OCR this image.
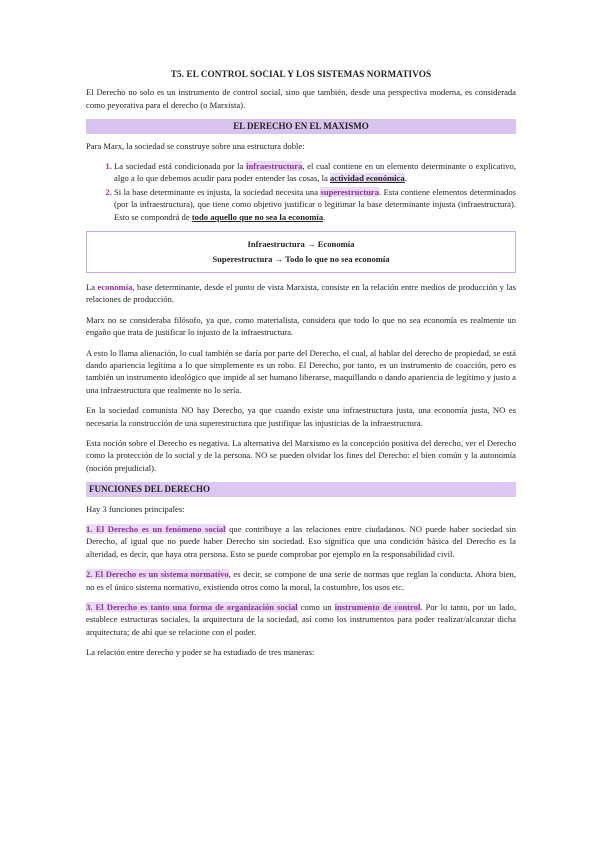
T5. EL CONTROL SOCIAL Y LOS SISTEMAS NORMATIVOS

El Derecho no solo es un instrumento de control social, sino que también, desde una perspectiva moderna, es considerada como peyorativa para el derecho (o Marxista).

EL DERECHO EN EL MAXISMO

Para Marx, la sociedad se construye sobre una estructura doble:

1. La sociedad está condicionada por la infraestructura, el cual contiene en un elemento determinante o explicativo, algo a lo que debemos acudir para poder entender las cosas, la actividad económica.
2. Si la base determinante es injusta, la sociedad necesita una superestructura. Esta contiene elementos determinados (por la infraestructura), que tiene como objetivo justificar o legitimar la base determinante injusta (infraestructura). Esto se compondrá de todo aquello que no sea la economía.
Infraestructura → Economía
Superestructura → Todo lo que no sea economía

La economía, base determinante, desde el punto de vista Marxista, consiste en la relación entre medios de producción y las relaciones de producción.

Marx no se consideraba filósofo, ya que, como materialista, considera que todo lo que no sea economía es realmente un engaño que trata de justificar lo injusto de la infraestructura.

A esto lo llama alienación, lo cual también se daría por parte del Derecho, el cual, al hablar del derecho de propiedad, se está dando apariencia legítima a lo que simplemente es un robo. El Derecho, por tanto, es un instrumento de coacción, pero es también un instrumento ideológico que impide al ser humano liberarse, maquillando o dando apariencia de legítimo y justo a una infraestructura que realmente no lo sería.

En la sociedad comunista NO hay Derecho, ya que cuando existe una infraestructura justa, una economía justa, NO es necesaria la construcción de una superestructura que justifique las injusticias de la infraestructura.

Esta noción sobre el Derecho es negativa. La alternativa del Marxismo es la concepción positiva del derecho, ver el Derecho como la protección de lo social y de la persona. NO se pueden olvidar los fines del Derecho: el bien común y la autonomía (noción prejudicial).

FUNCIONES DEL DERECHO

Hay 3 funciones principales:

1. El Derecho es un fenómeno social que contribuye a las relaciones entre ciudadanos. NO puede haber sociedad sin Derecho, al igual que no puede haber Derecho sin sociedad. Eso significa que una condición básica del Derecho es la alteridad, es decir, que haya otra persona. Esto se puede comprobar por ejemplo en la responsabilidad civil.

2. El Derecho es un sistema normativo, es decir, se compone de una serie de normas que reglan la conducta. Ahora bien, no es el único sistema normativo, existiendo otros como la moral, la costumbre, los usos etc.

3. El Derecho es tanto una forma de organización social como un instrumento de control. Por lo tanto, por un lado, establece estructuras sociales, la arquitectura de la sociedad, así como los instrumentos para poder realizar/alcanzar dicha arquitectura; de ahí que se relacione con el poder.

La relación entre derecho y poder se ha estudiado de tres maneras:
